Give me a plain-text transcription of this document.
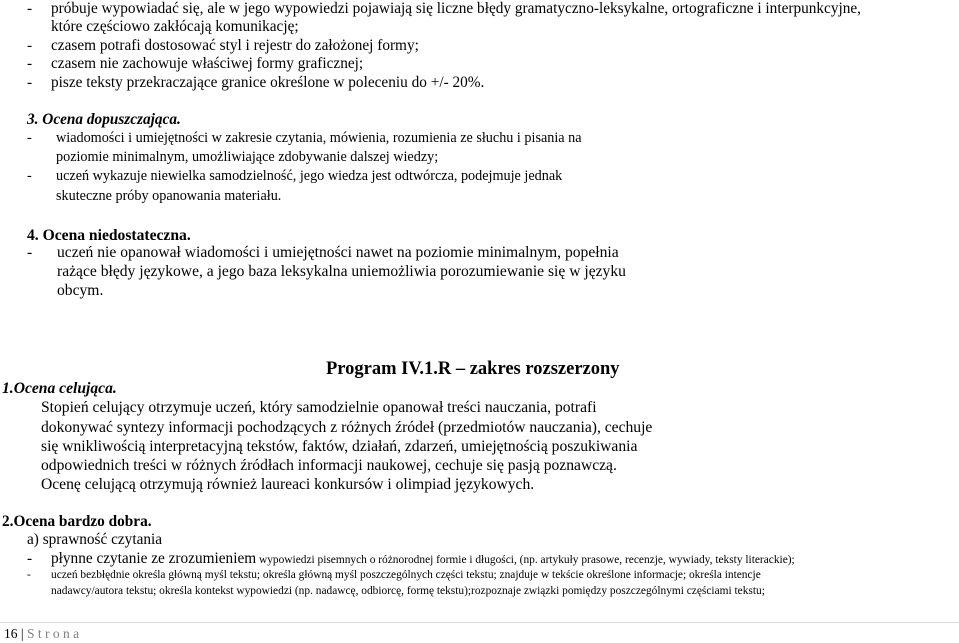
- próbuje wypowiadać się, ale w jego wypowiedzi pojawiają się liczne błędy gramatyczno-leksykalne, ortograficzne i interpunkcyjne,
które częściowo zakłócają komunikację;
- czasem potrafi dostosować styl i rejestr do założonej formy;
- czasem nie zachowuje właściwej formy graficznej;
- pisze teksty przekraczające granice określone w poleceniu do +/- 20%.
3. Ocena dopuszczająca.
- wiadomości i umiejętności w zakresie czytania, mówienia, rozumienia ze słuchu i pisania na
poziomie minimalnym, umożliwiające zdobywanie dalszej wiedzy;
- uczeń wykazuje niewielka samodzielność, jego wiedza jest odtwórcza, podejmuje jednak
skuteczne próby opanowania materiału.
4. Ocena niedostateczna.
- uczeń nie opanował wiadomości i umiejętności nawet na poziomie minimalnym, popełnia
rażące błędy językowe, a jego baza leksykalna uniemożliwia porozumiewanie się w języku
obcym.
Program IV.1.R – zakres rozszerzony
1.Ocena celująca.
Stopień celujący otrzymuje uczeń, który samodzielnie opanował treści nauczania, potrafi
dokonywać syntezy informacji pochodzących z różnych źródeł (przedmiotów nauczania), cechuje
się wnikliwością interpretacyjną tekstów, faktów, działań, zdarzeń, umiejętnością poszukiwania
odpowiednich treści w różnych źródłach informacji naukowej, cechuje się pasją poznawczą.
Ocenę celującą otrzymują również laureaci konkursów i olimpiad językowych.
2.Ocena bardzo dobra.
a) sprawność czytania
- płynne czytanie ze zrozumieniem wypowiedzi pisemnych o różnorodnej formie i długości, (np. artykuły prasowe, recenzje, wywiady, teksty literackie);
- uczeń bezbłędnie określa główną myśl tekstu; określa główną myśl poszczególnych części tekstu; znajduje w tekście określone informacje; określa intencje
nadawcy/autora tekstu; określa kontekst wypowiedzi (np. nadawcę, odbiorcę, formę tekstu);rozpoznaje związki pomiędzy poszczególnymi częściami tekstu;
16 | S t r o n a
